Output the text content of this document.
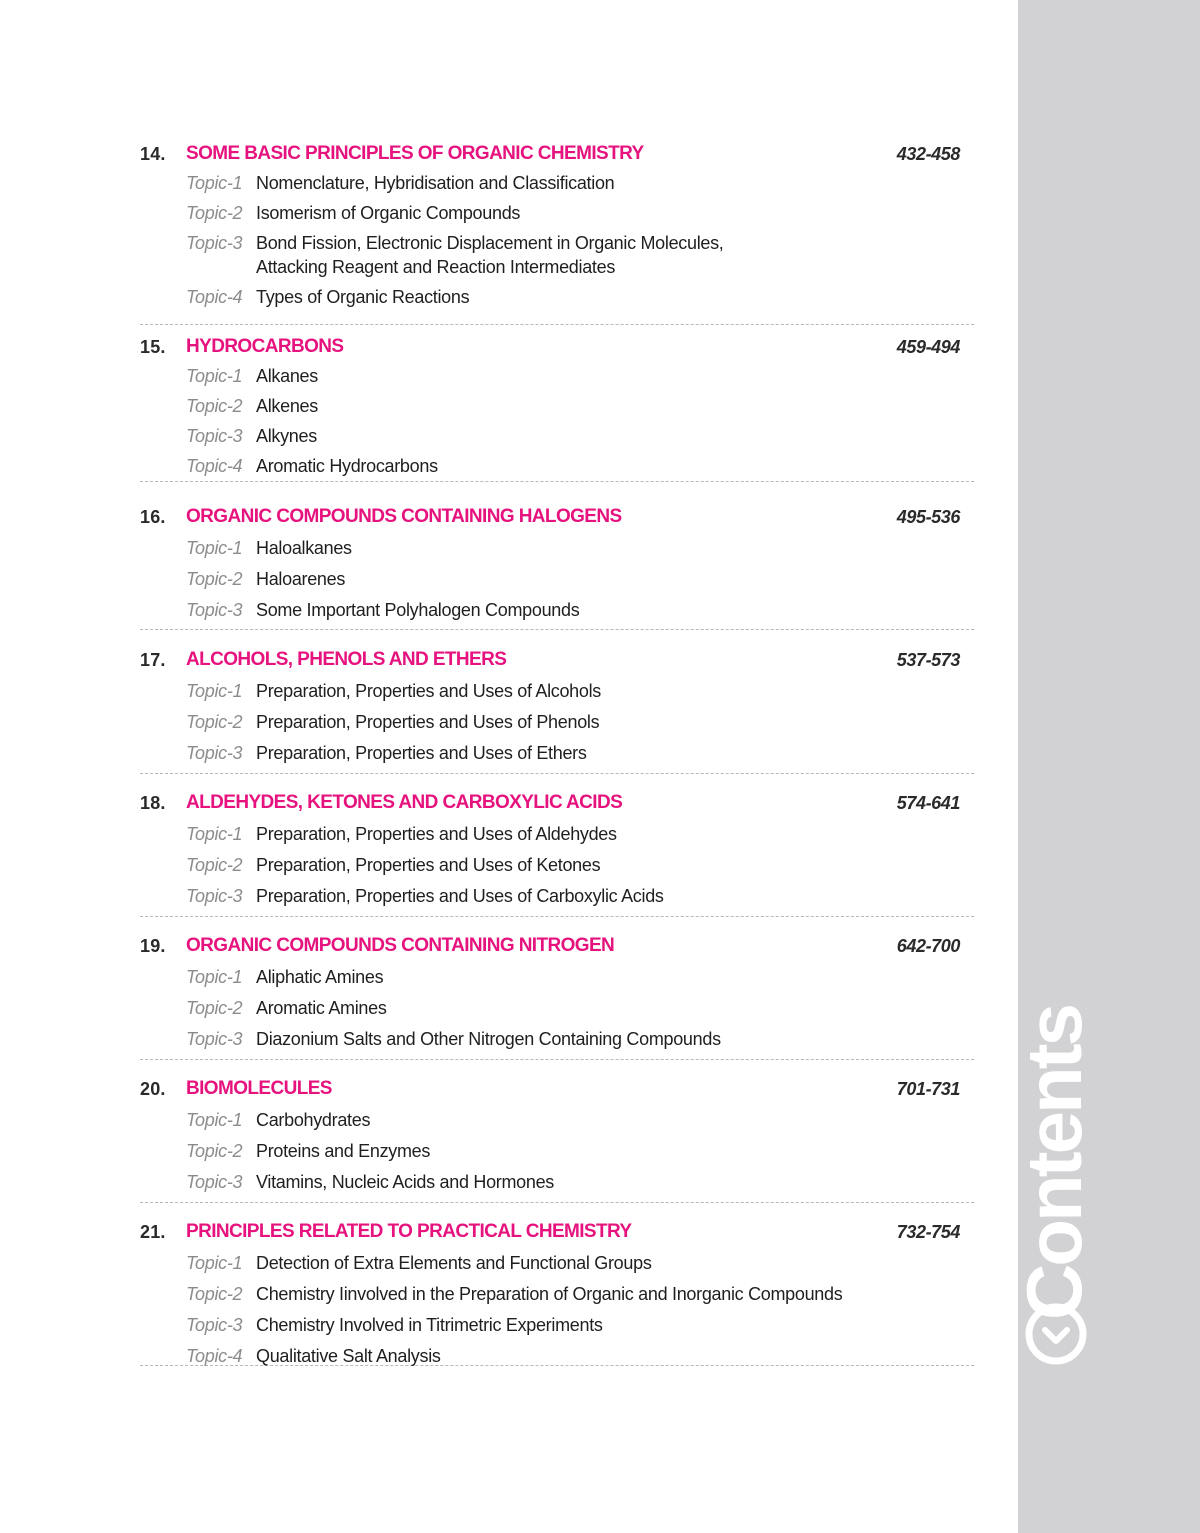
14. SOME BASIC PRINCIPLES OF ORGANIC CHEMISTRY	432-458
Topic-1 Nomenclature, Hybridisation and Classification
Topic-2 Isomerism of Organic Compounds
Topic-3 Bond Fission, Electronic Displacement in Organic Molecules,
Attacking Reagent and Reaction Intermediates
Topic-4 Types of Organic Reactions
15. HYDROCARBONS	459-494
Topic-1 Alkanes
Topic-2 Alkenes
Topic-3 Alkynes
Topic-4 Aromatic Hydrocarbons
16. ORGANIC COMPOUNDS CONTAINING HALOGENS	495-536
Topic-1 Haloalkanes
Topic-2 Haloarenes
Topic-3 Some Important Polyhalogen Compounds
17. ALCOHOLS, PHENOLS AND ETHERS	537-573
Topic-1 Preparation, Properties and Uses of Alcohols
Topic-2 Preparation, Properties and Uses of Phenols
Topic-3 Preparation, Properties and Uses of Ethers
18. ALDEHYDES, KETONES AND CARBOXYLIC ACIDS	574-641
Topic-1 Preparation, Properties and Uses of Aldehydes
Topic-2 Preparation, Properties and Uses of Ketones
Topic-3 Preparation, Properties and Uses of Carboxylic Acids
19. ORGANIC COMPOUNDS CONTAINING NITROGEN	642-700
Topic-1 Aliphatic Amines
Topic-2 Aromatic Amines
Topic-3 Diazonium Salts and Other Nitrogen Containing Compounds
20. BIOMOLECULES	701-731
Topic-1 Carbohydrates
Topic-2 Proteins and Enzymes
Topic-3 Vitamins, Nucleic Acids and Hormones
21. PRINCIPLES RELATED TO PRACTICAL CHEMISTRY	732-754
Topic-1 Detection of Extra Elements and Functional Groups
Topic-2 Chemistry Iinvolved in the Preparation of Organic and Inorganic Compounds
Topic-3 Chemistry Involved in Titrimetric Experiments
Topic-4 Qualitative Salt Analysis
Contents
